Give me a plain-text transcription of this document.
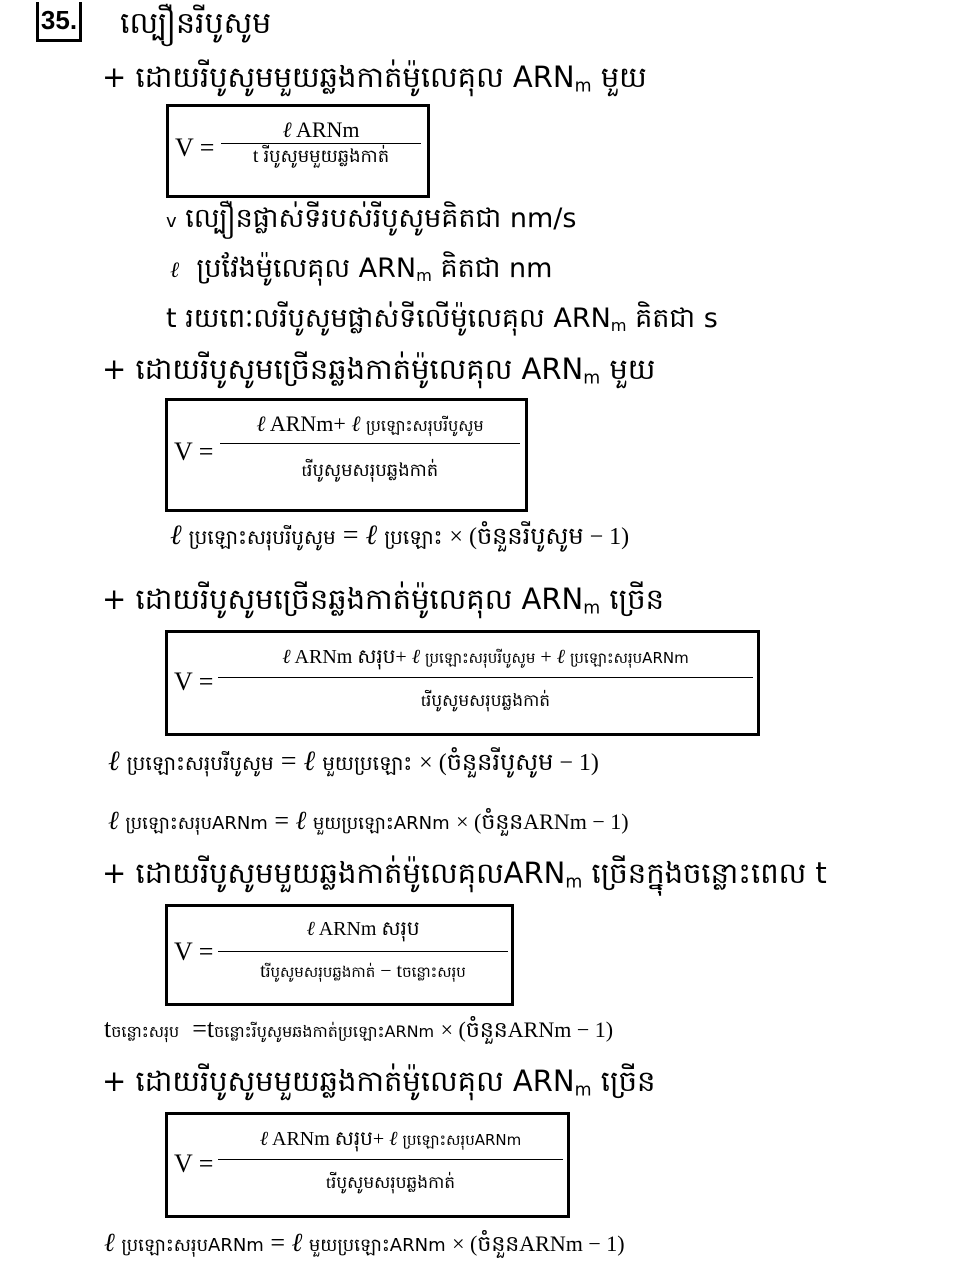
35. ល្បឿនរីបូសូម
+ ដោយរីបូសូមមួយឆ្លងកាត់ម៉ូលេគុល $ARN_m$ មួយ
V =
ℓ ARNm
t រីបូសូមមួយឆ្លងកាត់
v ល្បឿនផ្លាស់ទីរបស់រីបូសូមគិតជា nm/s
ℓ ប្រវែងម៉ូលេគុល $ARN_m$ គិតជា nm
t រយពេៈលរីបូសូមផ្លាស់ទីលើម៉ូលេគុល $ARN_m$ គិតជា s
+ ដោយរីបូសូមច្រើនឆ្លងកាត់ម៉ូលេគុល $ARN_m$ មួយ
V =
ℓ ARNm+ ℓ ប្រឡោះសរុបរីបូសូម
tរីបូសូមសរុបឆ្លងកាត់
ℓ ប្រឡោះសរុបរីបូសូម = ℓ ប្រឡោះ × (ចំនួនរីបូសូម − 1)
+ ដោយរីបូសូមច្រើនឆ្លងកាត់ម៉ូលេគុល $ARN_m$ ច្រើន
V =
ℓ ARNm សរុប+ ℓ ប្រឡោះសរុបរីបូសូម + ℓ ប្រឡោះសរុបARNm
tរីបូសូមសរុបឆ្លងកាត់
ℓ ប្រឡោះសរុបរីបូសូម = ℓ មួយប្រឡោះ × (ចំនួនរីបូសូម − 1)
ℓ ប្រឡោះសរុបARNm = ℓ មួយប្រឡោះARNm × (ចំនួនARNm − 1)
+ ដោយរីបូសូមមួយឆ្លងកាត់ម៉ូលេគុល$ARN_m$ ច្រើនក្នុងចន្លោះពេល t
V =
ℓ ARNm សរុប
tរីបូសូមសរុបឆ្លងកាត់ − tចន្លោះសរុប
tចន្លោះសរុប =tចន្លោះរីបូសូមឆងកាត់ប្រឡោះARNm × (ចំនួនARNm − 1)
+ ដោយរីបូសូមមួយឆ្លងកាត់ម៉ូលេគុល $ARN_m$ ច្រើន
V =
ℓ ARNm សរុប+ ℓ ប្រឡោះសរុបARNm
tរីបូសូមសរុបឆ្លងកាត់
ℓ ប្រឡោះសរុបARNm = ℓ មួយប្រឡោះARNm × (ចំនួនARNm − 1)
